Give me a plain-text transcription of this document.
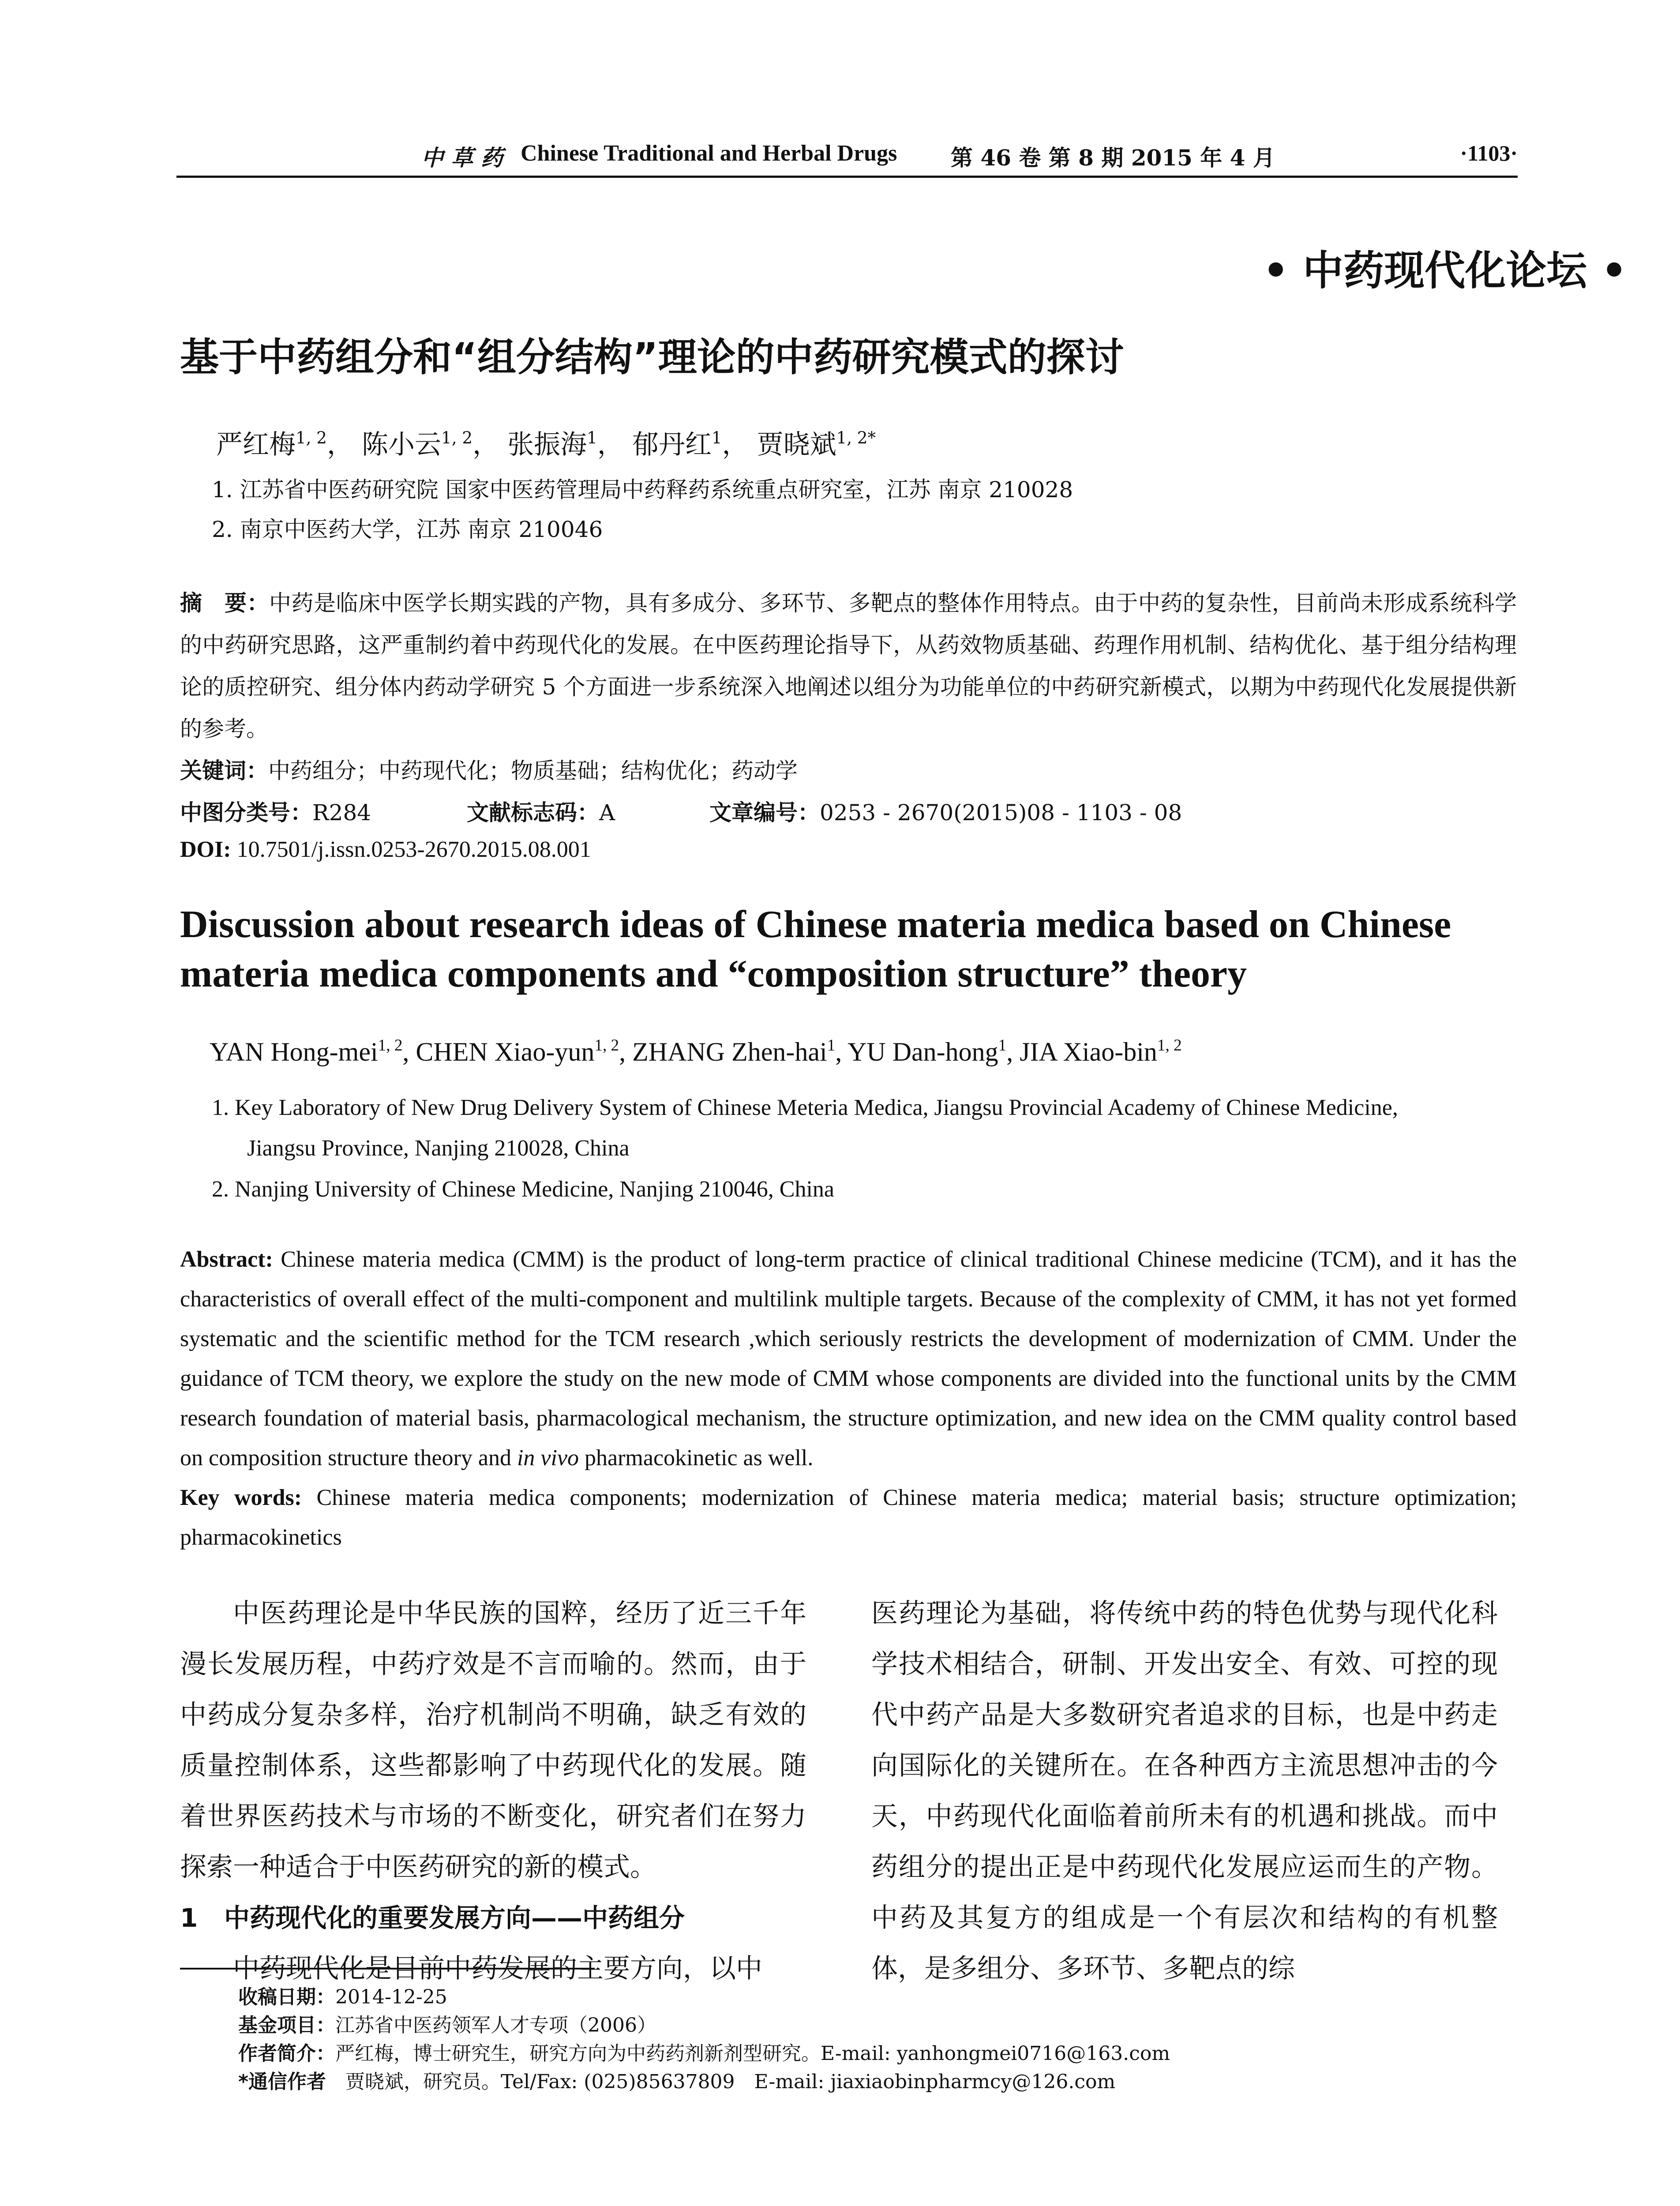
中 草 药 Chinese Traditional and Herbal Drugs 第 46 卷 第 8 期 2015 年 4 月	·1103·
• 中药现代化论坛 •
基于中药组分和“组分结构”理论的中药研究模式的探讨
严红梅$^{1, 2}$， 陈小云$^{1, 2}$， 张振海$^1$， 郁丹红$^1$， 贾晓斌$^{1, 2*}$
1. 江苏省中医药研究院 国家中医药管理局中药释药系统重点研究室，江苏 南京 210028
2. 南京中医药大学，江苏 南京 210046
摘　要：中药是临床中医学长期实践的产物，具有多成分、多环节、多靶点的整体作用特点。由于中药的复杂性，目前尚未形成系统科学的中药研究思路，这严重制约着中药现代化的发展。在中医药理论指导下，从药效物质基础、药理作用机制、结构优化、基于组分结构理论的质控研究、组分体内药动学研究 5 个方面进一步系统深入地阐述以组分为功能单位的中药研究新模式，以期为中药现代化发展提供新的参考。
关键词：中药组分；中药现代化；物质基础；结构优化；药动学
中图分类号：R284	文献标志码：A	文章编号：0253 - 2670(2015)08 - 1103 - 08
DOI: 10.7501/j.issn.0253-2670.2015.08.001
Discussion about research ideas of Chinese materia medica based on Chinese materia medica components and “composition structure” theory
YAN Hong-mei$^{1, 2}$, CHEN Xiao-yun$^{1, 2}$, ZHANG Zhen-hai$^1$, YU Dan-hong$^1$, JIA Xiao-bin$^{1, 2}$
1. Key Laboratory of New Drug Delivery System of Chinese Meteria Medica, Jiangsu Provincial Academy of Chinese Medicine,
Jiangsu Province, Nanjing 210028, China
2. Nanjing University of Chinese Medicine, Nanjing 210046, China
Abstract: Chinese materia medica (CMM) is the product of long-term practice of clinical traditional Chinese medicine (TCM), and it has the characteristics of overall effect of the multi-component and multilink multiple targets. Because of the complexity of CMM, it has not yet formed systematic and the scientific method for the TCM research ,which seriously restricts the development of modernization of CMM. Under the guidance of TCM theory, we explore the study on the new mode of CMM whose components are divided into the functional units by the CMM research foundation of material basis, pharmacological mechanism, the structure optimization, and new idea on the CMM quality control based on composition structure theory and in vivo pharmacokinetic as well.
Key words: Chinese materia medica components; modernization of Chinese materia medica; material basis; structure optimization; pharmacokinetics
中医药理论是中华民族的国粹，经历了近三千年漫长发展历程，中药疗效是不言而喻的。然而，由于中药成分复杂多样，治疗机制尚不明确，缺乏有效的质量控制体系，这些都影响了中药现代化的发展。随着世界医药技术与市场的不断变化，研究者们在努力探索一种适合于中医药研究的新的模式。
1 中药现代化的重要发展方向——中药组分
中药现代化是目前中药发展的主要方向，以中
医药理论为基础，将传统中药的特色优势与现代化科学技术相结合，研制、开发出安全、有效、可控的现代中药产品是大多数研究者追求的目标，也是中药走向国际化的关键所在。在各种西方主流思想冲击的今天，中药现代化面临着前所未有的机遇和挑战。而中药组分的提出正是中药现代化发展应运而生的产物。中药及其复方的组成是一个有层次和结构的有机整体，是多组分、多环节、多靶点的综
收稿日期：2014-12-25
基金项目：江苏省中医药领军人才专项（2006）
作者简介：严红梅，博士研究生，研究方向为中药药剂新剂型研究。E-mail: yanhongmei0716@163.com
*通信作者　贾晓斌，研究员。Tel/Fax: (025)85637809　E-mail: jiaxiaobinpharmcy@126.com
